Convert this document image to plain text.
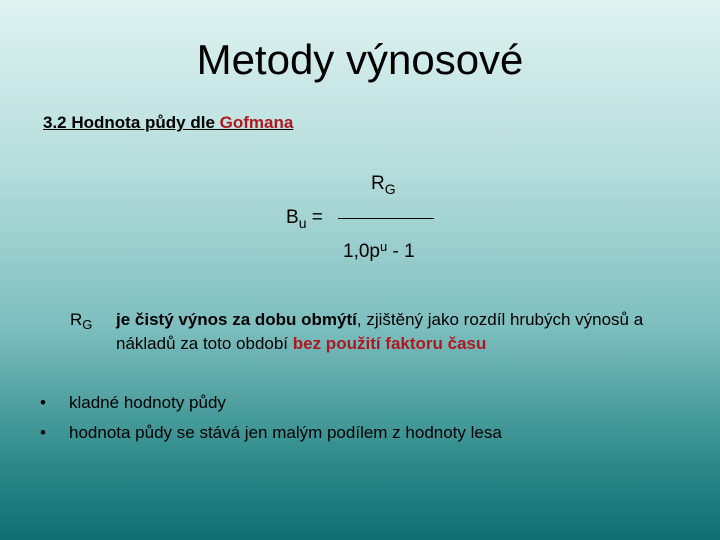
Metody výnosové
3.2 Hodnota půdy dle Gofmana
$R_G$
$B_u$ =
$1,0p^u - 1$
$R_G$ je čistý výnos za dobu obmýtí, zjištěný jako rozdíl hrubých výnosů a nákladů za toto období bez použití faktoru času
•	kladné hodnoty půdy
•	hodnota půdy se stává jen malým podílem z hodnoty lesa
